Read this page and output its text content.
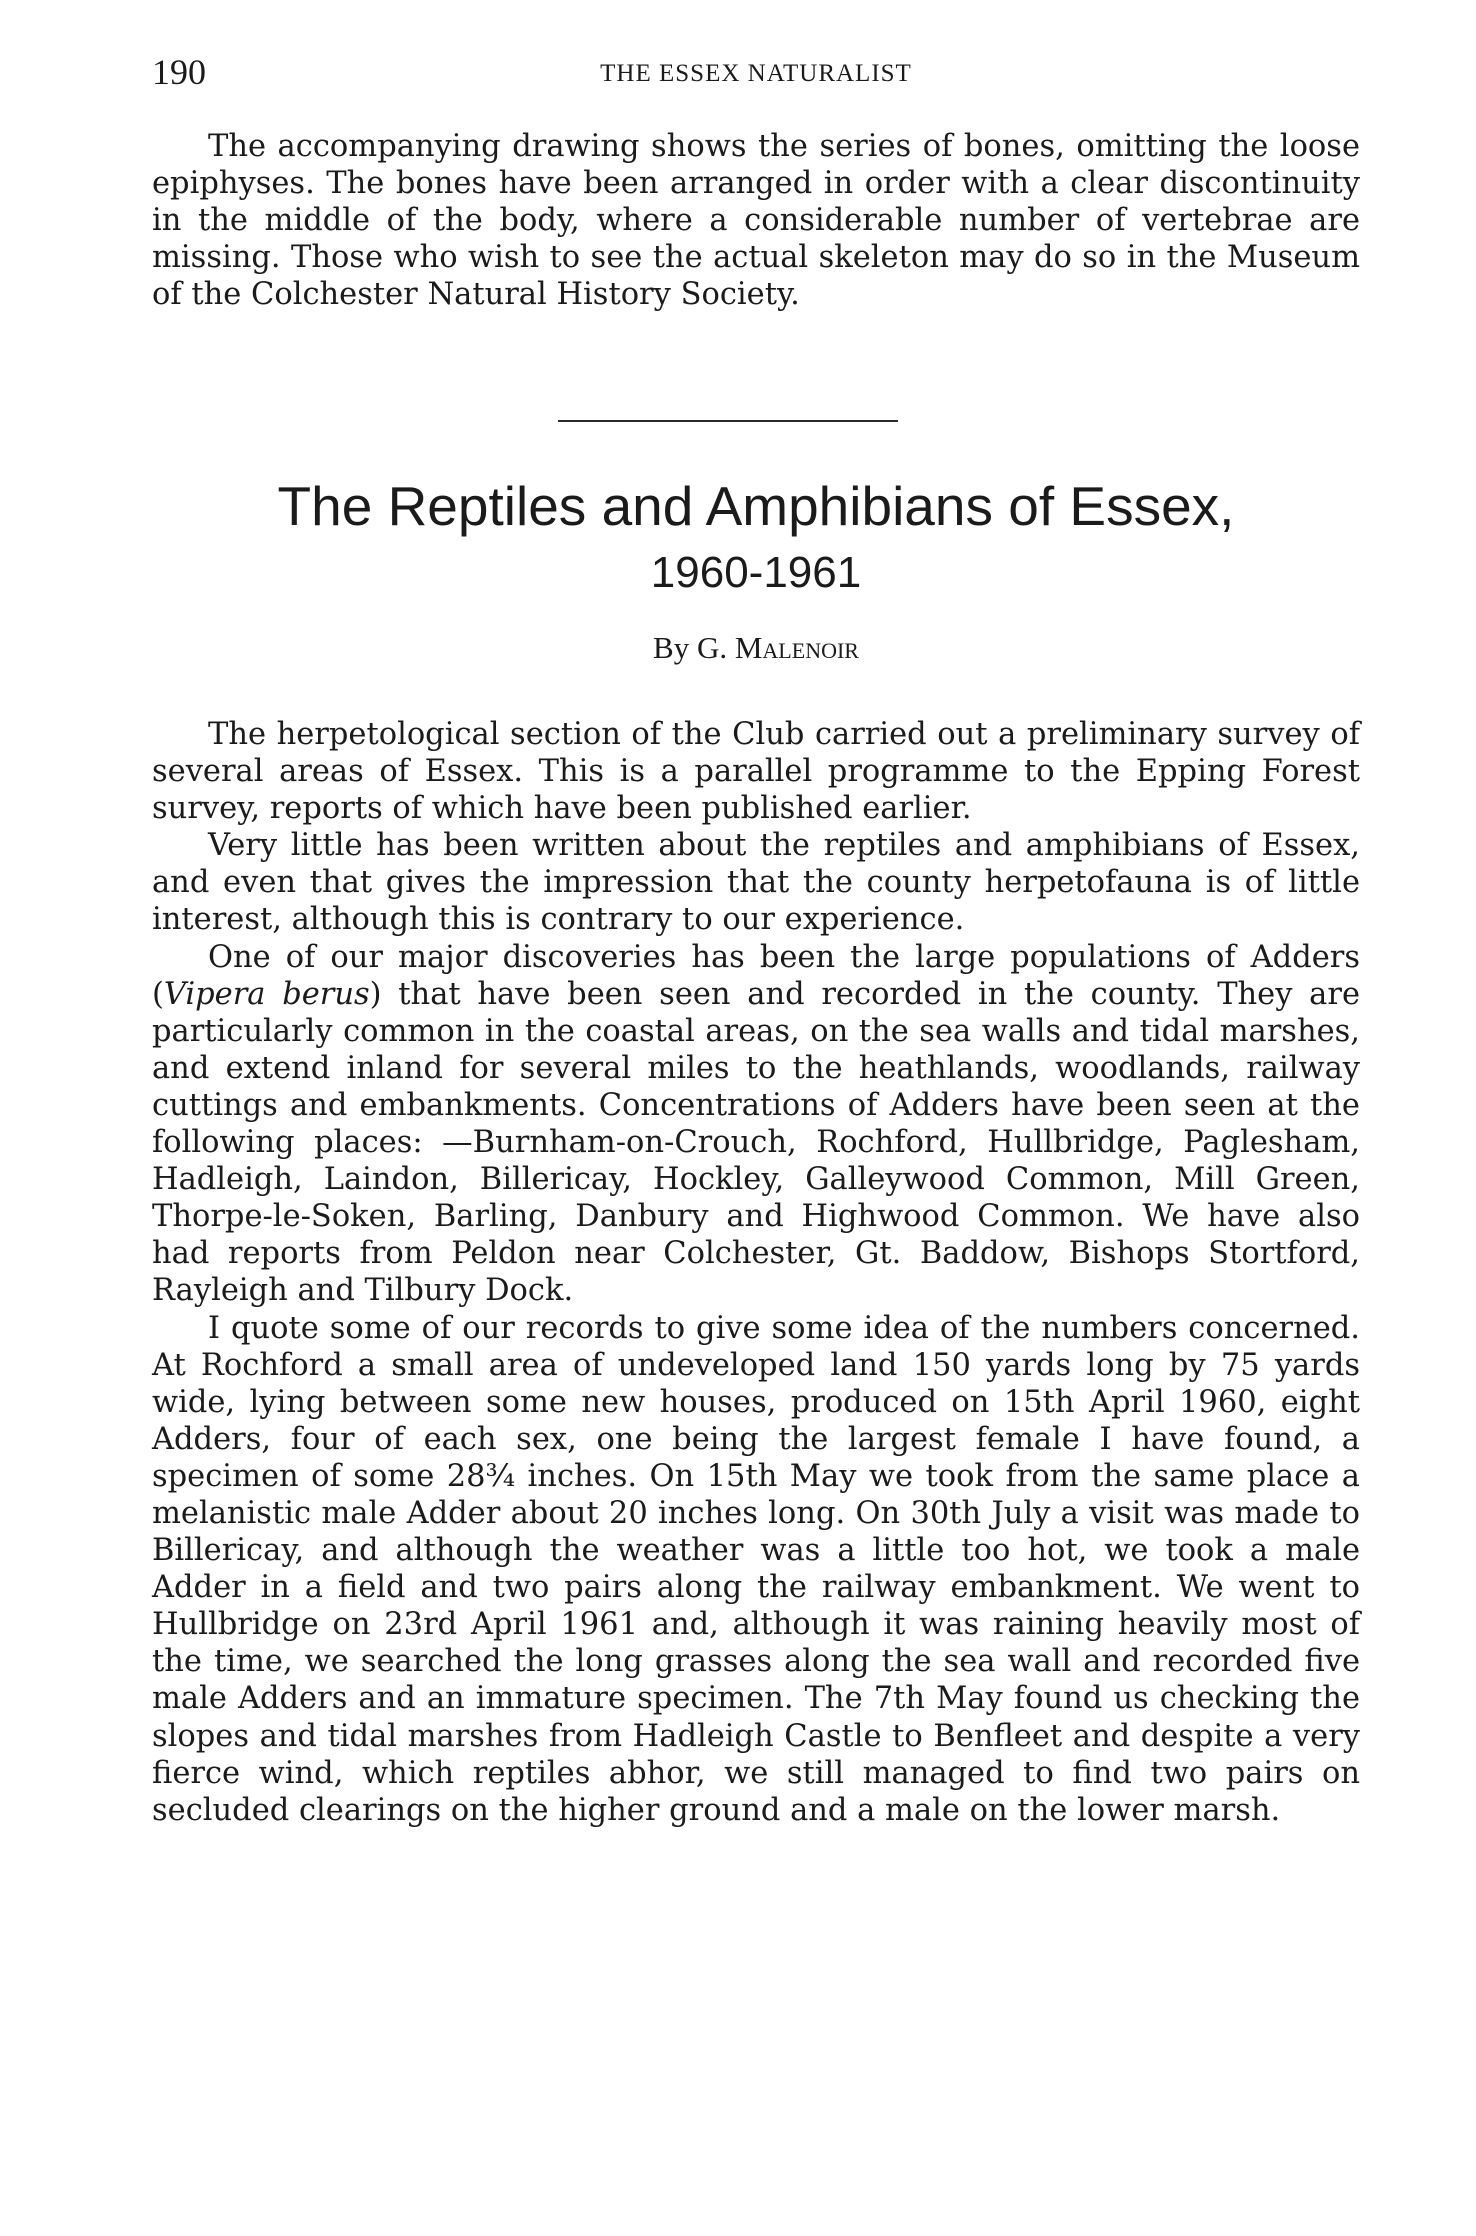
190	THE ESSEX NATURALIST

The accompanying drawing shows the series of bones, omitting the loose epiphyses. The bones have been arranged in order with a clear discontinuity in the middle of the body, where a considerable number of vertebrae are missing. Those who wish to see the actual skeleton may do so in the Museum of the Colchester Natural History Society.

The Reptiles and Amphibians of Essex,
1960-1961
By G. Malenoir

The herpetological section of the Club carried out a preliminary survey of several areas of Essex. This is a parallel programme to the Epping Forest survey, reports of which have been published earlier.

Very little has been written about the reptiles and amphibians of Essex, and even that gives the impression that the county herpetofauna is of little interest, although this is contrary to our experience.

One of our major discoveries has been the large populations of Adders (Vipera berus) that have been seen and recorded in the county. They are particularly common in the coastal areas, on the sea walls and tidal marshes, and extend inland for several miles to the heathlands, woodlands, railway cuttings and embankments. Concentrations of Adders have been seen at the following places: —Burnham-on-Crouch, Rochford, Hullbridge, Paglesham, Hadleigh, Laindon, Billericay, Hockley, Galleywood Common, Mill Green, Thorpe-le-Soken, Barling, Danbury and Highwood Common. We have also had reports from Peldon near Colchester, Gt. Baddow, Bishops Stortford, Rayleigh and Tilbury Dock.

I quote some of our records to give some idea of the numbers concerned. At Rochford a small area of undeveloped land 150 yards long by 75 yards wide, lying between some new houses, produced on 15th April 1960, eight Adders, four of each sex, one being the largest female I have found, a specimen of some 28¾ inches. On 15th May we took from the same place a melanistic male Adder about 20 inches long. On 30th July a visit was made to Billericay, and although the weather was a little too hot, we took a male Adder in a field and two pairs along the railway embankment. We went to Hullbridge on 23rd April 1961 and, although it was raining heavily most of the time, we searched the long grasses along the sea wall and recorded five male Adders and an immature specimen. The 7th May found us checking the slopes and tidal marshes from Hadleigh Castle to Benfleet and despite a very fierce wind, which reptiles abhor, we still managed to find two pairs on secluded clearings on the higher ground and a male on the lower marsh.
